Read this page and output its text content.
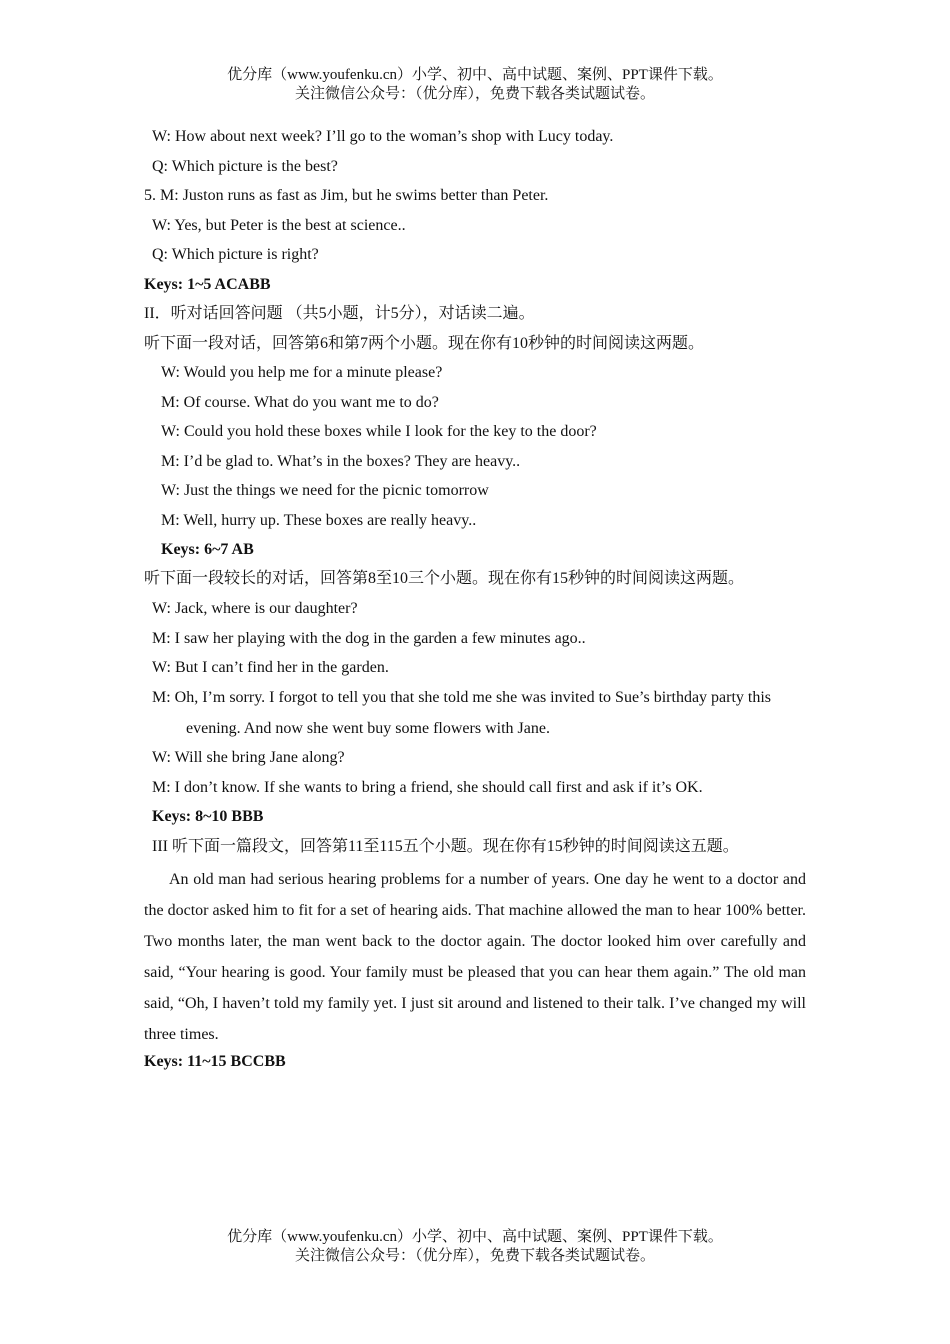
优分库（www.youfenku.cn）小学、初中、高中试题、案例、PPT课件下载。
关注微信公众号：（优分库），免费下载各类试题试卷。
W: How about next week? I’ll go to the woman’s shop with Lucy today.
Q: Which picture is the best?
5. M: Juston runs as fast as Jim, but he swims better than Peter.
W: Yes, but Peter is the best at science..
Q: Which picture is right?
Keys: 1~5 ACABB
II．听对话回答问题 （共5小题，计5分），对话读二遍。
听下面一段对话，回答第6和第7两个小题。现在你有10秒钟的时间阅读这两题。
W: Would you help me for a minute please?
M: Of course. What do you want me to do?
W: Could you hold these boxes while I look for the key to the door?
M: I’d be glad to. What’s in the boxes? They are heavy..
W: Just the things we need for the picnic tomorrow
M: Well, hurry up. These boxes are really heavy..
Keys: 6~7 AB
听下面一段较长的对话，回答第8至10三个小题。现在你有15秒钟的时间阅读这两题。
W: Jack, where is our daughter?
M: I saw her playing with the dog in the garden a few minutes ago..
W: But I can’t find her in the garden.
M: Oh, I’m sorry. I forgot to tell you that she told me she was invited to Sue’s birthday party this
evening. And now she went buy some flowers with Jane.
W: Will she bring Jane along?
M: I don’t know. If she wants to bring a friend, she should call first and ask if it’s OK.
Keys: 8~10 BBB
III 听下面一篇段文，回答第11至115五个小题。现在你有15秒钟的时间阅读这五题。

An old man had serious hearing problems for a number of years. One day he went to a doctor and the doctor asked him to fit for a set of hearing aids. That machine allowed the man to hear 100% better. Two months later, the man went back to the doctor again. The doctor looked him over carefully and said, “Your hearing is good. Your family must be pleased that you can hear them again.” The old man said, “Oh, I haven’t told my family yet. I just sit around and listened to their talk. I’ve changed my will three times.

Keys: 11~15 BCCBB
优分库（www.youfenku.cn）小学、初中、高中试题、案例、PPT课件下载。
关注微信公众号：（优分库），免费下载各类试题试卷。
